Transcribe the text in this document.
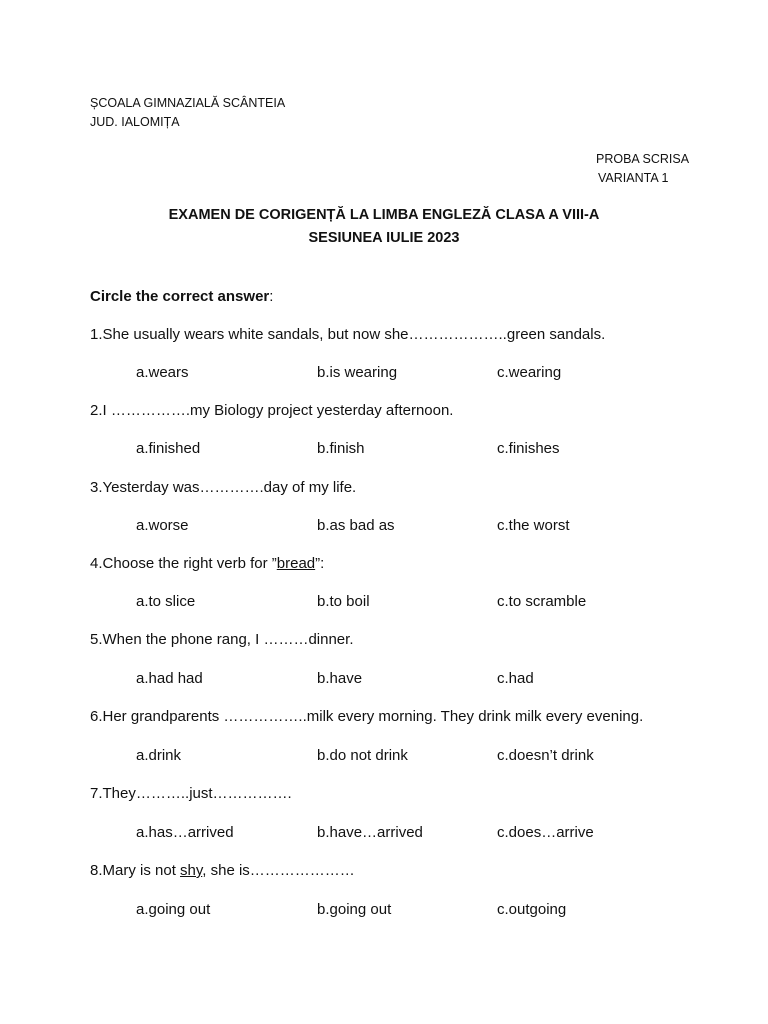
ȘCOALA GIMNAZIALĂ SCÂNTEIA
JUD. IALOMIȚA
PROBA SCRISA
VARIANTA 1
EXAMEN DE CORIGENȚĂ LA LIMBA ENGLEZĂ CLASA A VIII-A
SESIUNEA IULIE 2023
Circle the correct answer:
1.She usually wears white sandals, but now she………………..green sandals.
a.wears	b.is wearing	c.wearing
2.I …………….my Biology project yesterday afternoon.
a.finished	b.finish	c.finishes
3.Yesterday was………….day of my life.
a.worse	b.as bad as	c.the worst
4.Choose the right verb for ”bread”:
a.to slice	b.to boil	c.to scramble
5.When the phone rang, I ………dinner.
a.had had	b.have	c.had
6.Her grandparents ……………..milk every morning. They drink milk every evening.
a.drink	b.do not drink	c.doesn’t drink
7.They………..just…………….
a.has…arrived	b.have…arrived	c.does…arrive
8.Mary is not shy, she is…………………
a.going out	b.going out	c.outgoing
